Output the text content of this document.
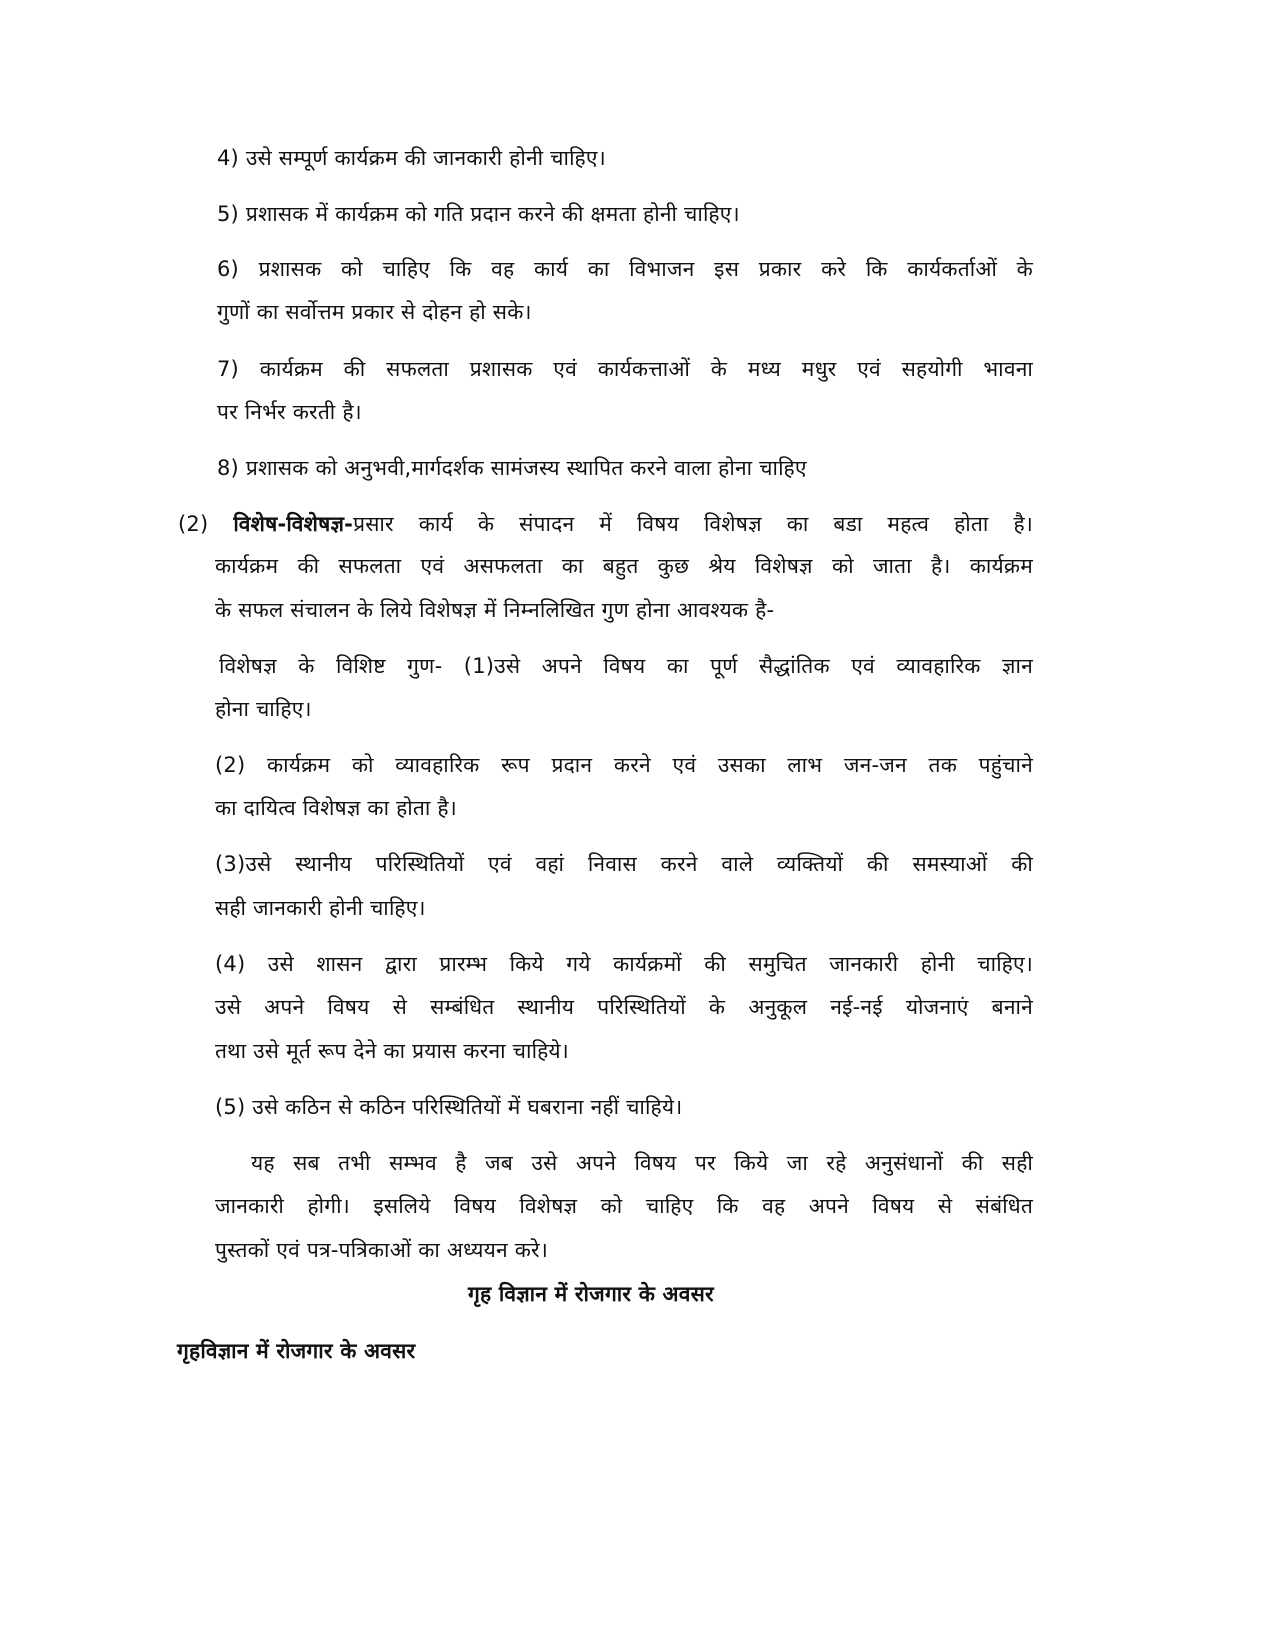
4) उसे सम्पूर्ण कार्यक्रम की जानकारी होनी चाहिए।
5) प्रशासक में कार्यक्रम को गति प्रदान करने की क्षमता होनी चाहिए।
6) प्रशासक को चाहिए कि वह कार्य का विभाजन इस प्रकार करे कि कार्यकर्ताओं के
गुणों का सर्वोत्तम प्रकार से दोहन हो सके।
7) कार्यक्रम की सफलता प्रशासक एवं कार्यकत्ताओं के मध्य मधुर एवं सहयोगी भावना
पर निर्भर करती है।
8) प्रशासक को अनुभवी,मार्गदर्शक सामंजस्य स्थापित करने वाला होना चाहिए
(2) विशेष-विशेषज्ञ-प्रसार कार्य के संपादन में विषय विशेषज्ञ का बडा महत्व होता है।
कार्यक्रम की सफलता एवं असफलता का बहुत कुछ श्रेय विशेषज्ञ को जाता है। कार्यक्रम
के सफल संचालन के लिये विशेषज्ञ में निम्नलिखित गुण होना आवश्यक है-
विशेषज्ञ के विशिष्ट गुण- (1)उसे अपने विषय का पूर्ण सैद्धांतिक एवं व्यावहारिक ज्ञान
होना चाहिए।
(2) कार्यक्रम को व्यावहारिक रूप प्रदान करने एवं उसका लाभ जन-जन तक पहुंचाने
का दायित्व विशेषज्ञ का होता है।
(3)उसे स्थानीय परिस्थितियों एवं वहां निवास करने वाले व्यक्तियों की समस्याओं की
सही जानकारी होनी चाहिए।
(4) उसे शासन द्वारा प्रारम्भ किये गये कार्यक्रमों की समुचित जानकारी होनी चाहिए।
उसे अपने विषय से सम्बंधित स्थानीय परिस्थितियों के अनुकूल नई-नई योजनाएं बनाने
तथा उसे मूर्त रूप देने का प्रयास करना चाहिये।
(5) उसे कठिन से कठिन परिस्थितियों में घबराना नहीं चाहिये।
यह सब तभी सम्भव है जब उसे अपने विषय पर किये जा रहे अनुसंधानों की सही
जानकारी होगी। इसलिये विषय विशेषज्ञ को चाहिए कि वह अपने विषय से संबंधित
पुस्तकों एवं पत्र-पत्रिकाओं का अध्ययन करे।
गृह विज्ञान में रोजगार के अवसर
गृहविज्ञान में रोजगार के अवसर
